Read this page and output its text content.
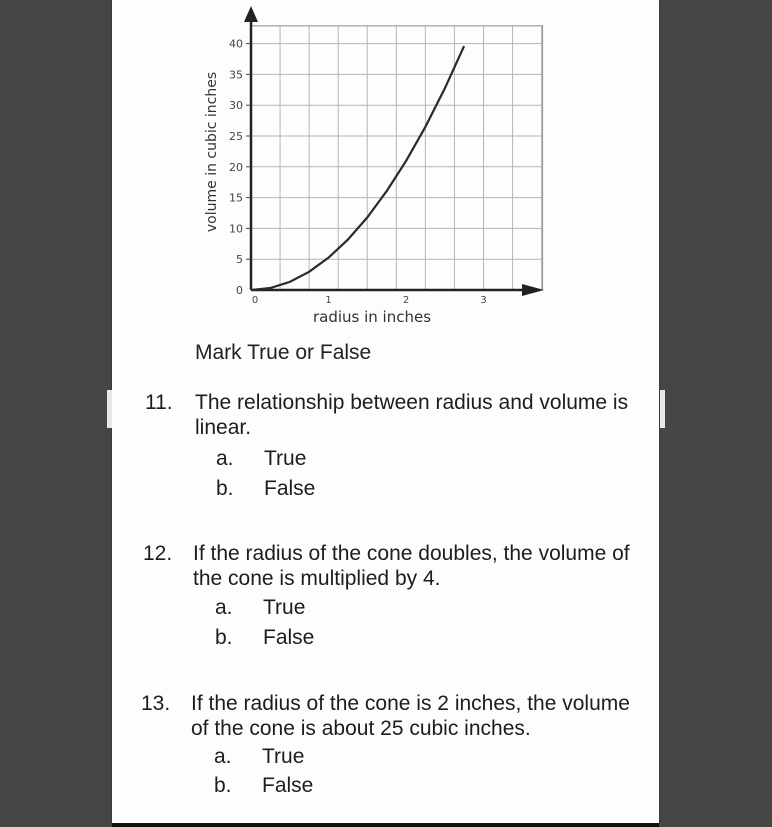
0
5
10
15
20
25
30
35
40
0	1	2	3
radius in inches
volume in cubic inches
Mark True or False
11. The relationship between radius and volume is
linear.
a. True
b. False
12. If the radius of the cone doubles, the volume of
the cone is multiplied by 4.
a. True
b. False
13. If the radius of the cone is 2 inches, the volume
of the cone is about 25 cubic inches.
a. True
b. False
